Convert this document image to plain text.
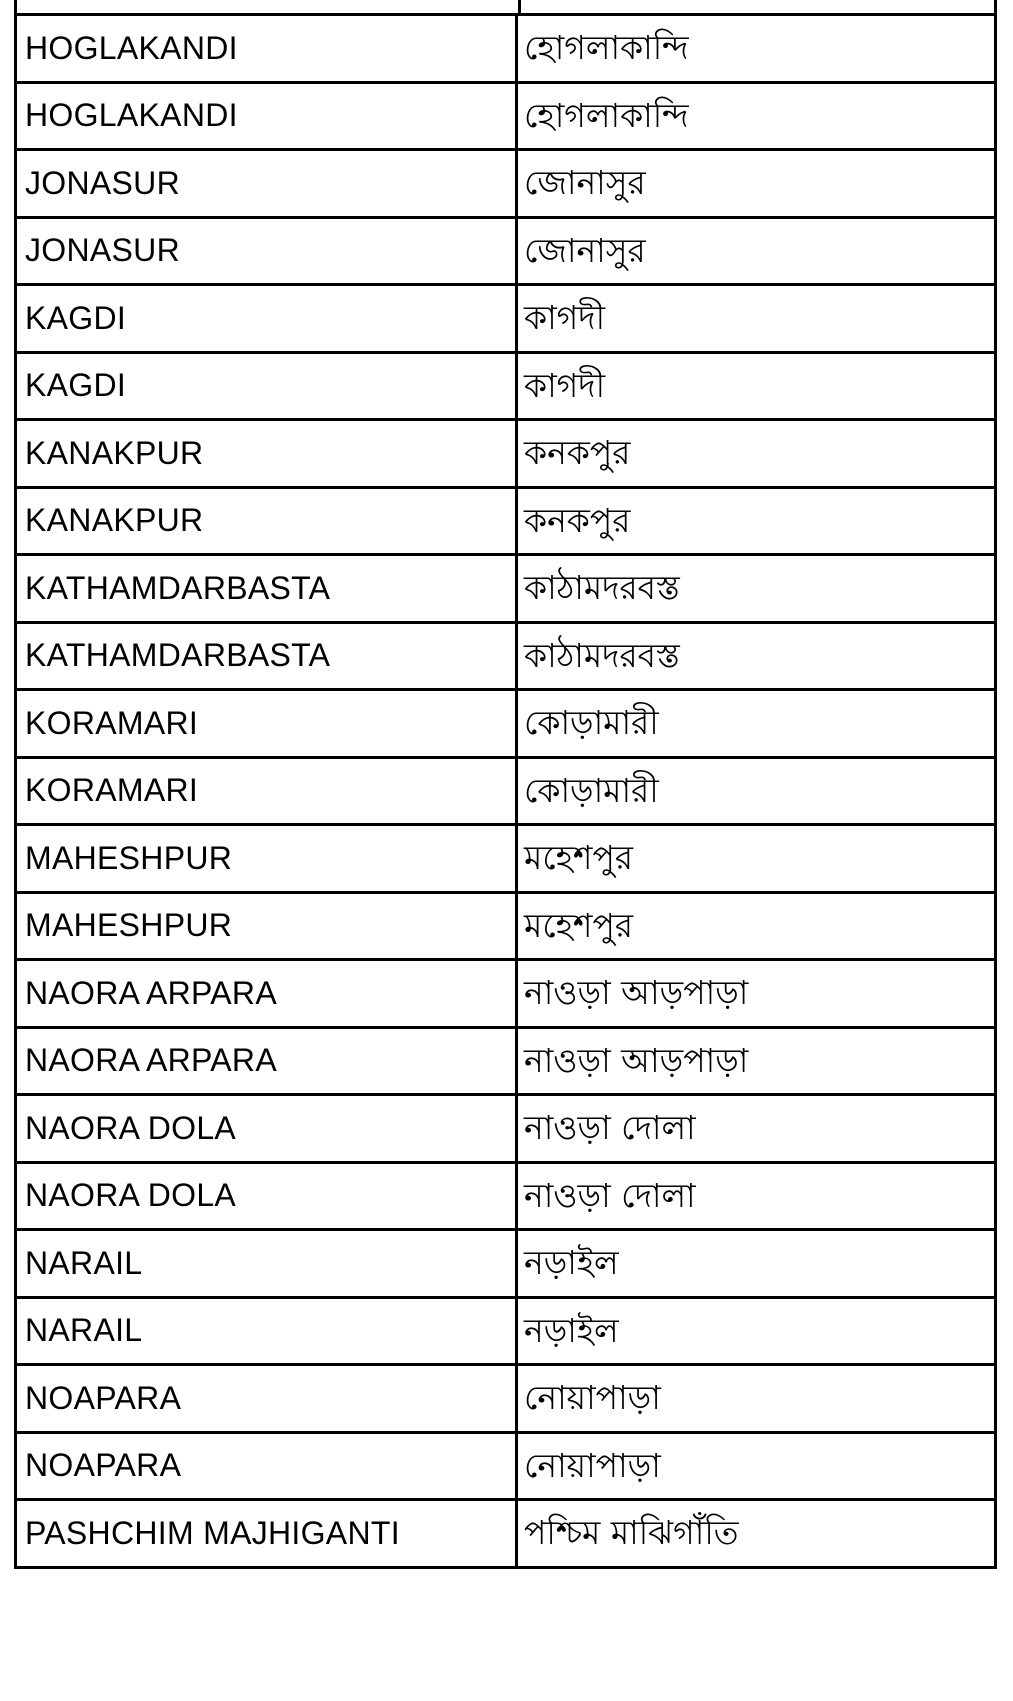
HOGLAKANDI	হোগলাকান্দি
HOGLAKANDI	হোগলাকান্দি
JONASUR	জোনাসুর
JONASUR	জোনাসুর
KAGDI	কাগদী
KAGDI	কাগদী
KANAKPUR	কনকপুর
KANAKPUR	কনকপুর
KATHAMDARBASTA	কাঠামদরবস্ত
KATHAMDARBASTA	কাঠামদরবস্ত
KORAMARI	কোড়ামারী
KORAMARI	কোড়ামারী
MAHESHPUR	মহেশপুর
MAHESHPUR	মহেশপুর
NAORA ARPARA	নাওড়া আড়পাড়া
NAORA ARPARA	নাওড়া আড়পাড়া
NAORA DOLA	নাওড়া দোলা
NAORA DOLA	নাওড়া দোলা
NARAIL	নড়াইল
NARAIL	নড়াইল
NOAPARA	নোয়াপাড়া
NOAPARA	নোয়াপাড়া
PASHCHIM MAJHIGANTI	পশ্চিম মাঝিগাঁতি
